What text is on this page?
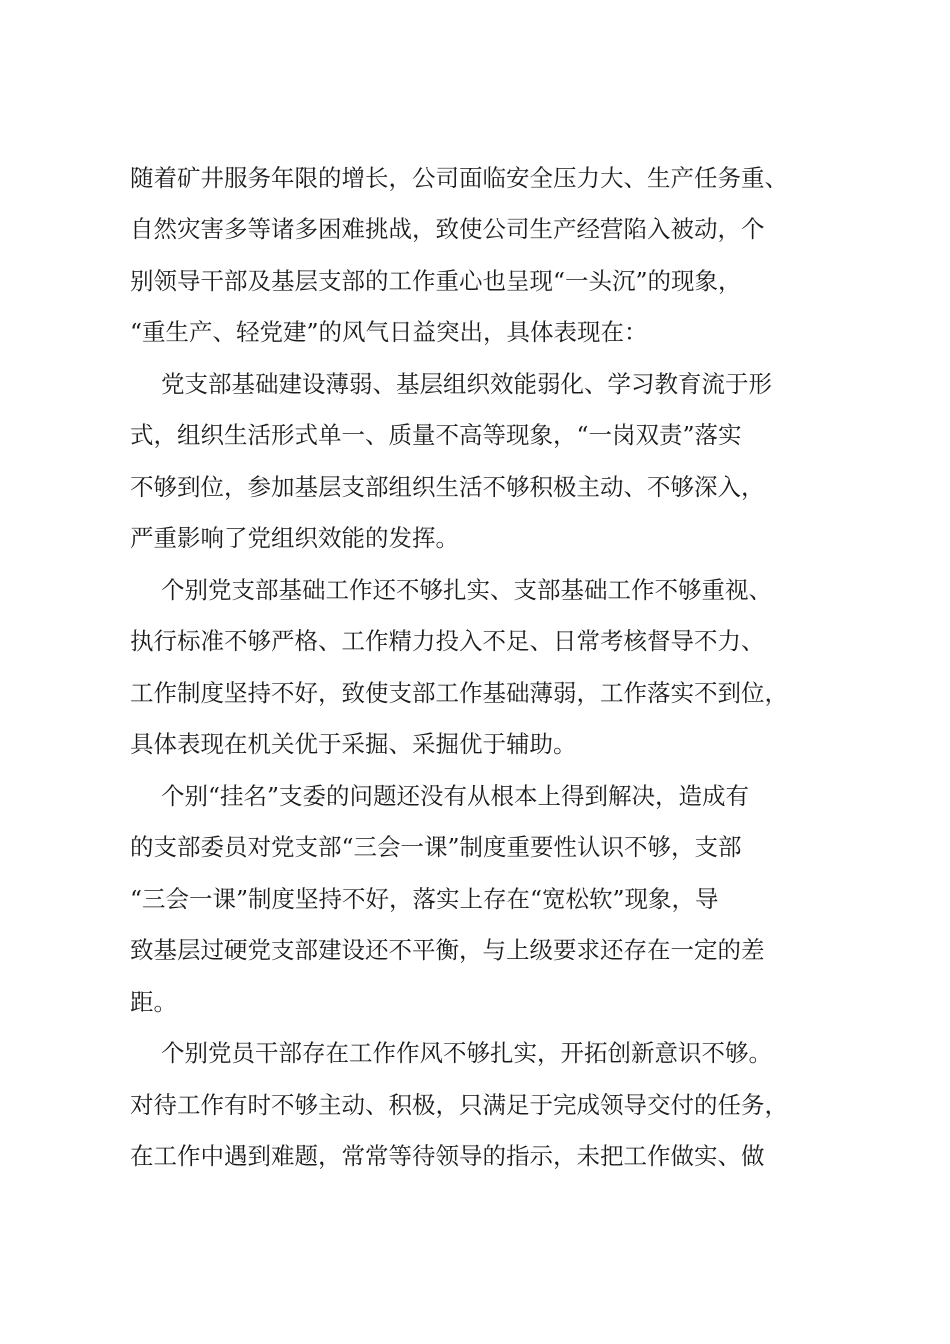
随着矿井服务年限的增长，公司面临安全压力大、生产任务重、
自然灾害多等诸多困难挑战，致使公司生产经营陷入被动，个
别领导干部及基层支部的工作重心也呈现“一头沉”的现象，
“重生产、轻党建”的风气日益突出，具体表现在：
党支部基础建设薄弱、基层组织效能弱化、学习教育流于形
式，组织生活形式单一、质量不高等现象，“一岗双责”落实
不够到位，参加基层支部组织生活不够积极主动、不够深入，
严重影响了党组织效能的发挥。
个别党支部基础工作还不够扎实、支部基础工作不够重视、
执行标准不够严格、工作精力投入不足、日常考核督导不力、
工作制度坚持不好，致使支部工作基础薄弱，工作落实不到位，
具体表现在机关优于采掘、采掘优于辅助。
个别“挂名”支委的问题还没有从根本上得到解决，造成有
的支部委员对党支部“三会一课”制度重要性认识不够，支部
“三会一课”制度坚持不好，落实上存在“宽松软”现象，导
致基层过硬党支部建设还不平衡，与上级要求还存在一定的差
距。
个别党员干部存在工作作风不够扎实，开拓创新意识不够。
对待工作有时不够主动、积极，只满足于完成领导交付的任务，
在工作中遇到难题，常常等待领导的指示，未把工作做实、做
